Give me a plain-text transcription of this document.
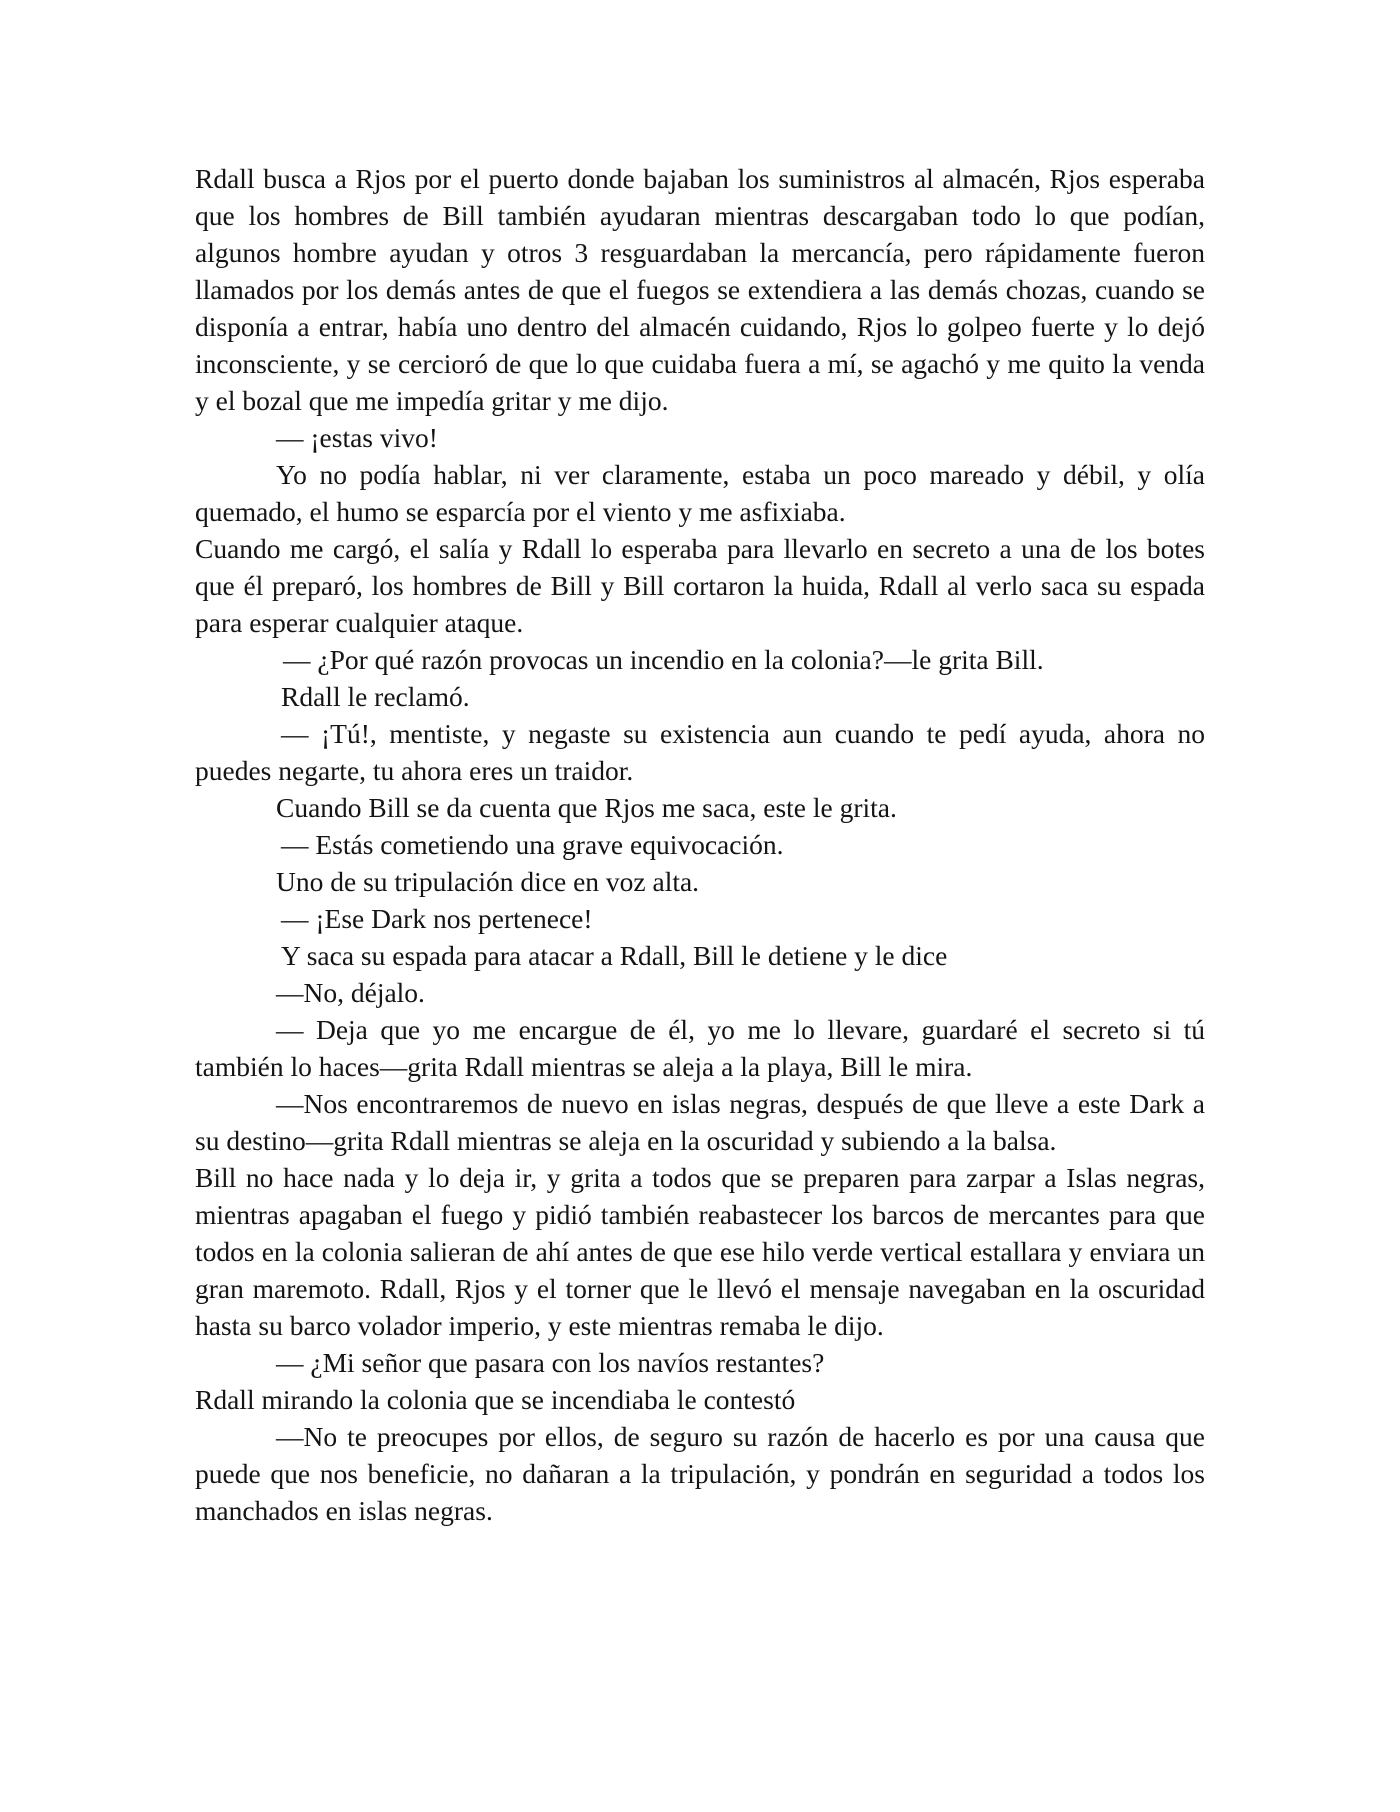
Rdall busca a Rjos por el puerto donde bajaban los suministros al almacén, Rjos esperaba que los hombres de Bill también ayudaran mientras descargaban todo lo que podían, algunos hombre ayudan y otros 3 resguardaban la mercancía, pero rápidamente fueron llamados por los demás antes de que el fuegos se extendiera a las demás chozas, cuando se disponía a entrar, había uno dentro del almacén cuidando, Rjos lo golpeo fuerte y lo dejó inconsciente, y se cercioró de que lo que cuidaba fuera a mí, se agachó y me quito la venda y el bozal que me impedía gritar y me dijo.

— ¡estas vivo!

Yo no podía hablar, ni ver claramente, estaba un poco mareado y débil, y olía quemado, el humo se esparcía por el viento y me asfixiaba.

Cuando me cargó, el salía y Rdall lo esperaba para llevarlo en secreto a una de los botes que él preparó, los hombres de Bill y Bill cortaron la huida, Rdall al verlo saca su espada para esperar cualquier ataque.

— ¿Por qué razón provocas un incendio en la colonia?—le grita Bill.

Rdall le reclamó.

— ¡Tú!, mentiste, y negaste su existencia aun cuando te pedí ayuda, ahora no puedes negarte, tu ahora eres un traidor.

Cuando Bill se da cuenta que Rjos me saca, este le grita.

— Estás cometiendo una grave equivocación.

Uno de su tripulación dice en voz alta.

— ¡Ese Dark nos pertenece!

Y saca su espada para atacar a Rdall, Bill le detiene y le dice

—No, déjalo.

— Deja que yo me encargue de él, yo me lo llevare, guardaré el secreto si tú también lo haces—grita Rdall mientras se aleja a la playa, Bill le mira.

—Nos encontraremos de nuevo en islas negras, después de que lleve a este Dark a su destino—grita Rdall mientras se aleja en la oscuridad y subiendo a la balsa.

Bill no hace nada y lo deja ir, y grita a todos que se preparen para zarpar a Islas negras, mientras apagaban el fuego y pidió también reabastecer los barcos de mercantes para que todos en la colonia salieran de ahí antes de que ese hilo verde vertical estallara y enviara un gran maremoto. Rdall, Rjos y el torner que le llevó el mensaje navegaban en la oscuridad hasta su barco volador imperio, y este mientras remaba le dijo.

— ¿Mi señor que pasara con los navíos restantes?

Rdall mirando la colonia que se incendiaba le contestó

—No te preocupes por ellos, de seguro su razón de hacerlo es por una causa que puede que nos beneficie, no dañaran a la tripulación, y pondrán en seguridad a todos los manchados en islas negras.
